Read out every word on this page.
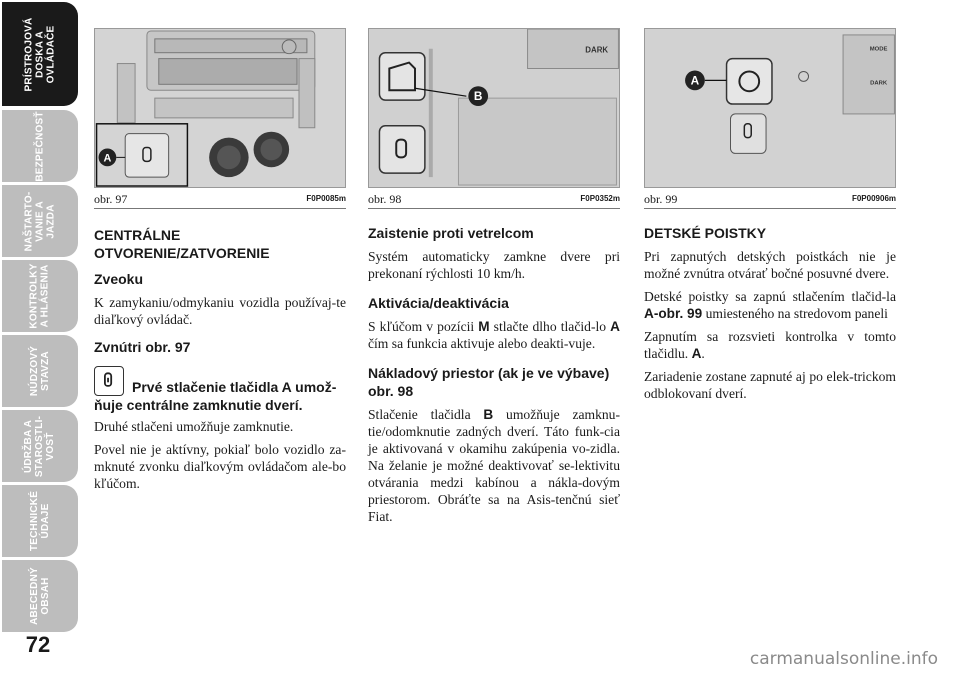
PRÍSTROJOVÁ
DOSKA A
OVLÁDAČE
BEZPEČNOSŤ
NAŠTARTO-
VANIE A
JAZDA
KONTROLKY
A HLÁSENIA
NÚDZOVÝ
STAVZA
ÚDRŽBA A
STAROSTLI-
VOSŤ
TECHNICKÉ
ÚDAJE
ABECEDNÝ
OBSAH
72
A
obr. 97	F0P0085m
DARK
B
obr. 98	F0P0352m
MODE
DARK
A
obr. 99	F0P00906m
CENTRÁLNE
OTVORENIE/ZATVORENIE
Zveoku

K zamykaniu/odmykaniu vozidla používaj-te diaľkový ovládač.

Zvnútri obr. 97
Prvé stlačenie tlačidla A umož-ňuje centrálne zamknutie dverí.

Druhé stlačeni umožňuje zamknutie.

Povel nie je aktívny, pokiaľ bolo vozidlo za-mknuté zvonku diaľkovým ovládačom ale-bo kľúčom.

Zaistenie proti vetrelcom

Systém automaticky zamkne dvere pri prekonaní rýchlosti 10 km/h.

Aktivácia/deaktivácia

S kľúčom v pozícii M stlačte dlho tlačid-lo A čím sa funkcia aktivuje alebo deakti-vuje.

Nákladový priestor (ak je ve výbave) obr. 98

Stlačenie tlačidla B umožňuje zamknu-tie/odomknutie zadných dverí. Táto funk-cia je aktivovaná v okamihu zakúpenia vo-zidla. Na želanie je možné deaktivovať se-lektivitu otvárania medzi kabínou a nákla-dovým priestorom. Obráťte sa na Asis-tenčnú sieť Fiat.

DETSKÉ POISTKY

Pri zapnutých detských poistkách nie je možné zvnútra otvárať bočné posuvné dvere.

Detské poistky sa zapnú stlačením tlačid-la A-obr. 99 umiesteného na stredovom paneli

Zapnutím sa rozsvieti kontrolka v tomto tlačidlu. A.

Zariadenie zostane zapnuté aj po elek-trickom odblokovaní dverí.

carmanualsonline.info
